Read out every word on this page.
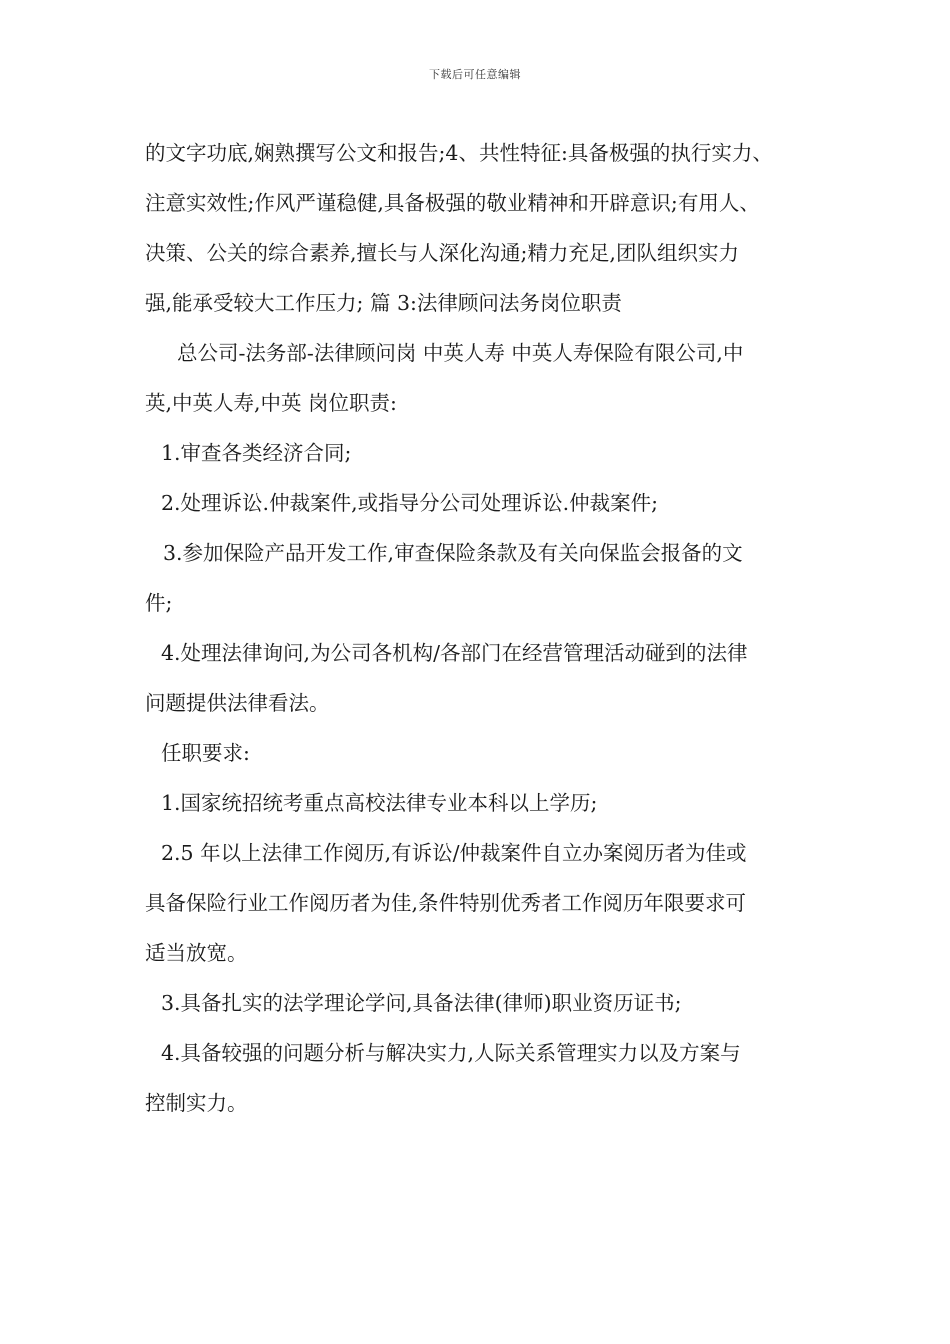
下载后可任意编辑
的文字功底,娴熟撰写公文和报告;4、共性特征:具备极强的执行实力、
注意实效性;作风严谨稳健,具备极强的敬业精神和开辟意识;有用人、
决策、公关的综合素养,擅长与人深化沟通;精力充足,团队组织实力
强,能承受较大工作压力; 篇 3:法律顾问法务岗位职责
总公司-法务部-法律顾问岗 中英人寿 中英人寿保险有限公司,中
英,中英人寿,中英 岗位职责:
1.审查各类经济合同;
2.处理诉讼.仲裁案件,或指导分公司处理诉讼.仲裁案件;
3.参加保险产品开发工作,审查保险条款及有关向保监会报备的文
件;
4.处理法律询问,为公司各机构/各部门在经营管理活动碰到的法律
问题提供法律看法。
任职要求:
1.国家统招统考重点高校法律专业本科以上学历;
2.5 年以上法律工作阅历,有诉讼/仲裁案件自立办案阅历者为佳或
具备保险行业工作阅历者为佳,条件特别优秀者工作阅历年限要求可
适当放宽。
3.具备扎实的法学理论学问,具备法律(律师)职业资历证书;
4.具备较强的问题分析与解决实力,人际关系管理实力以及方案与
控制实力。
